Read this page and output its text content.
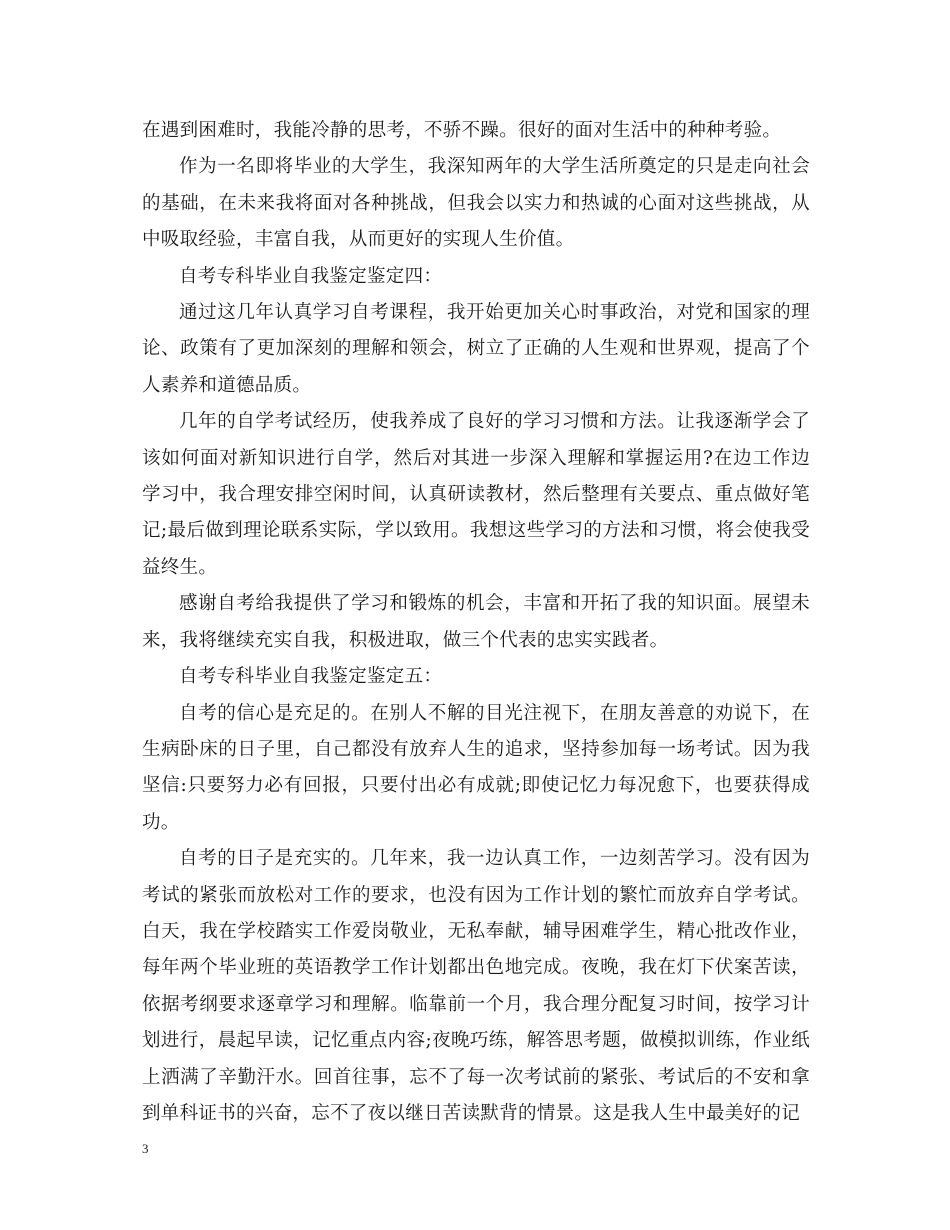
在遇到困难时，我能冷静的思考，不骄不躁。很好的面对生活中的种种考验。

作为一名即将毕业的大学生，我深知两年的大学生活所奠定的只是走向社会的基础，在未来我将面对各种挑战，但我会以实力和热诚的心面对这些挑战，从中吸取经验，丰富自我，从而更好的实现人生价值。

自考专科毕业自我鉴定鉴定四：

通过这几年认真学习自考课程，我开始更加关心时事政治，对党和国家的理论、政策有了更加深刻的理解和领会，树立了正确的人生观和世界观，提高了个人素养和道德品质。

几年的自学考试经历，使我养成了良好的学习习惯和方法。让我逐渐学会了该如何面对新知识进行自学，然后对其进一步深入理解和掌握运用?在边工作边学习中，我合理安排空闲时间，认真研读教材，然后整理有关要点、重点做好笔记;最后做到理论联系实际，学以致用。我想这些学习的方法和习惯，将会使我受益终生。

感谢自考给我提供了学习和锻炼的机会，丰富和开拓了我的知识面。展望未来，我将继续充实自我，积极进取，做三个代表的忠实实践者。

自考专科毕业自我鉴定鉴定五：

自考的信心是充足的。在别人不解的目光注视下，在朋友善意的劝说下，在生病卧床的日子里，自己都没有放弃人生的追求，坚持参加每一场考试。因为我坚信:只要努力必有回报，只要付出必有成就;即使记忆力每况愈下，也要获得成功。

自考的日子是充实的。几年来，我一边认真工作，一边刻苦学习。没有因为考试的紧张而放松对工作的要求，也没有因为工作计划的繁忙而放弃自学考试。白天，我在学校踏实工作爱岗敬业，无私奉献，辅导困难学生，精心批改作业，每年两个毕业班的英语教学工作计划都出色地完成。夜晚，我在灯下伏案苦读，依据考纲要求逐章学习和理解。临靠前一个月，我合理分配复习时间，按学习计划进行，晨起早读，记忆重点内容;夜晚巧练，解答思考题，做模拟训练，作业纸上洒满了辛勤汗水。回首往事，忘不了每一次考试前的紧张、考试后的不安和拿到单科证书的兴奋，忘不了夜以继日苦读默背的情景。这是我人生中最美好的记

3
